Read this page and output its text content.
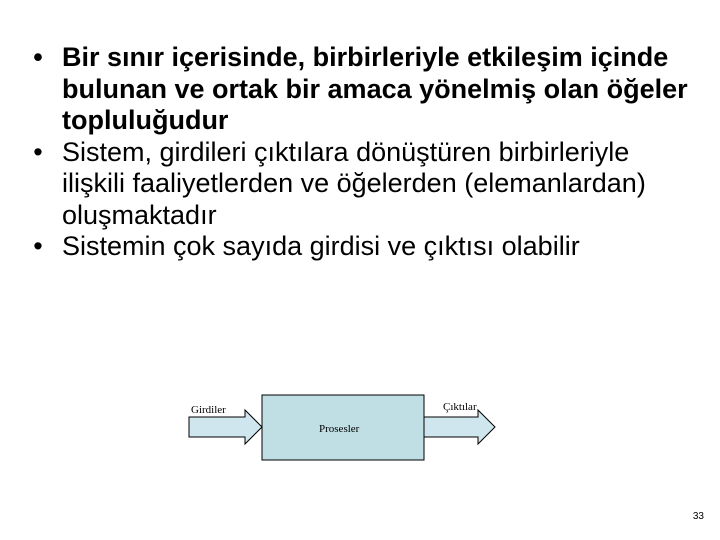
• Bir sınır içerisinde, birbirleriyle etkileşim içinde bulunan ve ortak bir amaca yönelmiş olan öğeler topluluğudur
• Sistem, girdileri çıktılara dönüştüren birbirleriyle ilişkili faaliyetlerden ve öğelerden (elemanlardan) oluşmaktadır
• Sistemin çok sayıda girdisi ve çıktısı olabilir
Girdiler
Prosesler
Çıktılar
33
